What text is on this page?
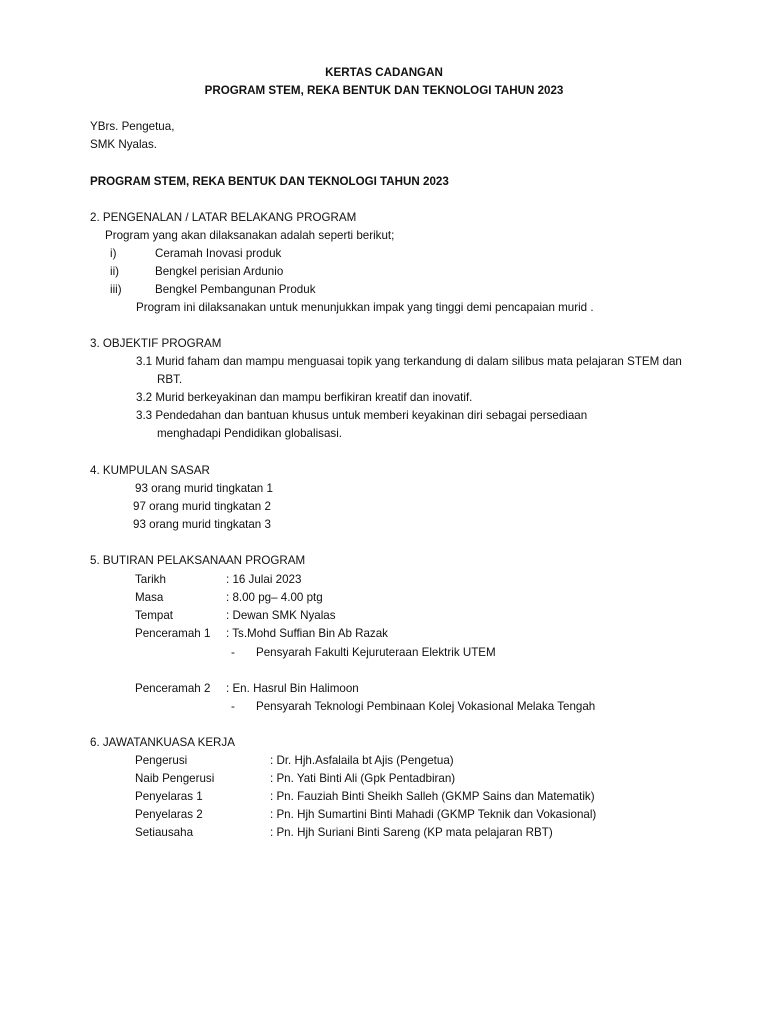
KERTAS CADANGAN
PROGRAM STEM, REKA BENTUK DAN TEKNOLOGI TAHUN 2023
YBrs. Pengetua,
SMK Nyalas.
PROGRAM STEM, REKA BENTUK DAN TEKNOLOGI TAHUN 2023
2. PENGENALAN / LATAR BELAKANG PROGRAM
Program yang akan dilaksanakan adalah seperti berikut;
i)	Ceramah Inovasi produk
ii)	Bengkel perisian Ardunio
iii)	Bengkel Pembangunan Produk
Program ini dilaksanakan untuk menunjukkan impak yang tinggi demi pencapaian murid .
3. OBJEKTIF PROGRAM
3.1 Murid faham dan mampu menguasai topik yang terkandung di dalam silibus mata pelajaran STEM dan
RBT.
3.2 Murid berkeyakinan dan mampu berfikiran kreatif dan inovatif.
3.3 Pendedahan dan bantuan khusus untuk memberi keyakinan diri sebagai persediaan
menghadapi Pendidikan globalisasi.
4. KUMPULAN SASAR
93 orang murid tingkatan 1
97 orang murid tingkatan 2
93 orang murid tingkatan 3
5. BUTIRAN PELAKSANAAN PROGRAM
Tarikh	: 16 Julai 2023
Masa	: 8.00 pg– 4.00 ptg
Tempat	: Dewan SMK Nyalas
Penceramah 1 : Ts.Mohd Suffian Bin Ab Razak
- Pensyarah Fakulti Kejuruteraan Elektrik UTEM
Penceramah 2 : En. Hasrul Bin Halimoon
- Pensyarah Teknologi Pembinaan Kolej Vokasional Melaka Tengah
6. JAWATANKUASA KERJA
Pengerusi	: Dr. Hjh.Asfalaila bt Ajis (Pengetua)
Naib Pengerusi	: Pn. Yati Binti Ali (Gpk Pentadbiran)
Penyelaras 1	: Pn. Fauziah Binti Sheikh Salleh (GKMP Sains dan Matematik)
Penyelaras 2	: Pn. Hjh Sumartini Binti Mahadi (GKMP Teknik dan Vokasional)
Setiausaha	: Pn. Hjh Suriani Binti Sareng (KP mata pelajaran RBT)
